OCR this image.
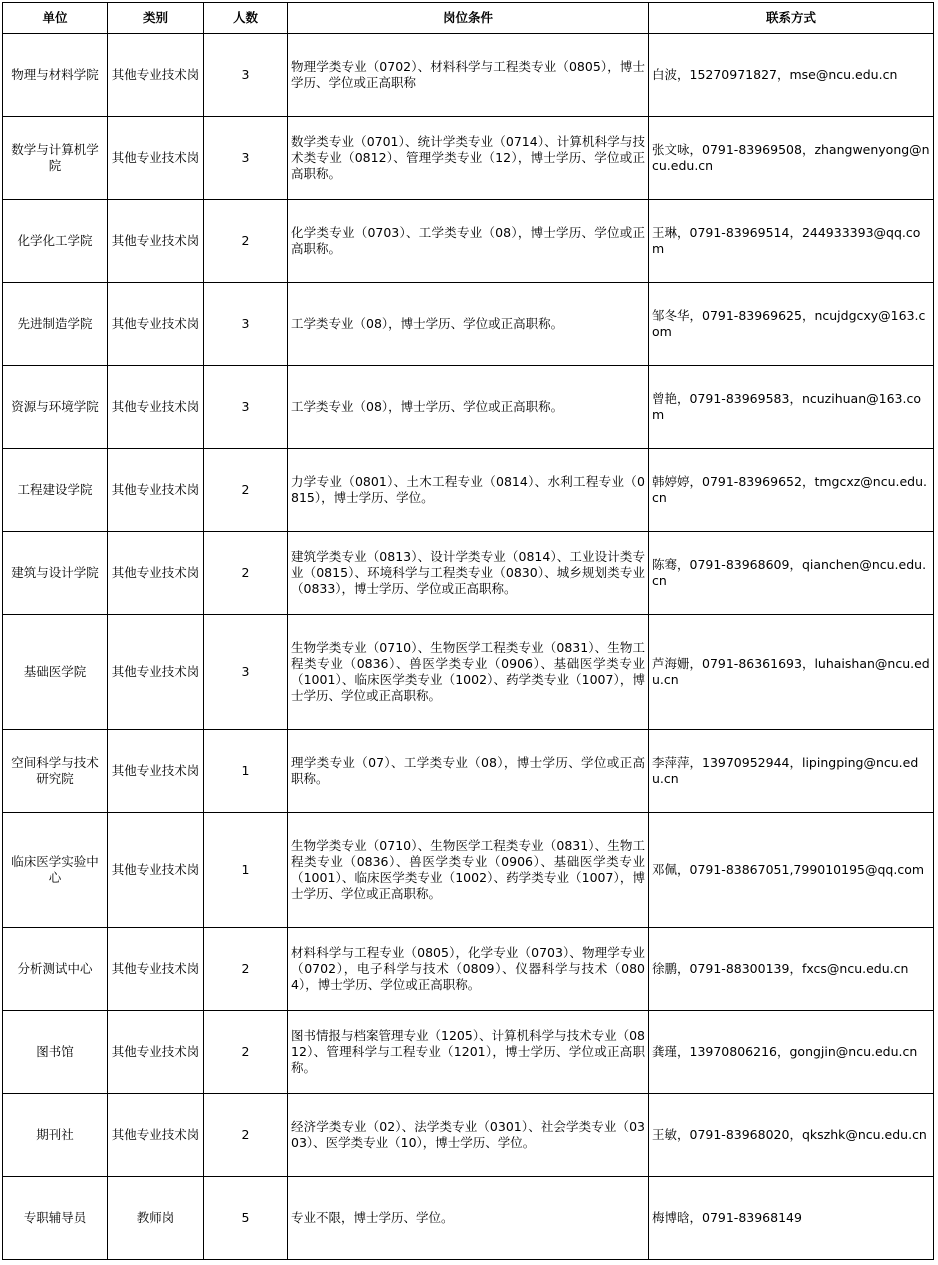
单位	类别	人数	岗位条件	联系方式
物理与材料学院	其他专业技术岗	3	物理学类专业（0702）、材料科学与工程类专业（0805），博士学历、学位或正高职称	白波，15270971827，mse@ncu.edu.cn
数学与计算机学院	其他专业技术岗	3	数学类专业（0701）、统计学类专业（0714）、计算机科学与技术类专业（0812）、管理学类专业（12），博士学历、学位或正高职称。	张文咏，0791-83969508，zhangwenyong@ncu.edu.cn
化学化工学院	其他专业技术岗	2	化学类专业（0703）、工学类专业（08），博士学历、学位或正高职称。	王琳，0791-83969514，244933393@qq.com
先进制造学院	其他专业技术岗	3	工学类专业（08），博士学历、学位或正高职称。	邹冬华，0791-83969625，ncujdgcxy@163.com
资源与环境学院	其他专业技术岗	3	工学类专业（08），博士学历、学位或正高职称。	曾艳，0791-83969583，ncuzihuan@163.com
工程建设学院	其他专业技术岗	2	力学专业（0801）、土木工程专业（0814）、水利工程专业（0815），博士学历、学位。	韩婷婷，0791-83969652，tmgcxz@ncu.edu.cn
建筑与设计学院	其他专业技术岗	2	建筑学类专业（0813）、设计学类专业（0814）、工业设计类专业（0815）、环境科学与工程类专业（0830）、城乡规划类专业（0833），博士学历、学位或正高职称。	陈骞，0791-83968609，qianchen@ncu.edu.cn
基础医学院	其他专业技术岗	3	生物学类专业（0710）、生物医学工程类专业（0831）、生物工程类专业（0836）、兽医学类专业（0906）、基础医学类专业（1001）、临床医学类专业（1002）、药学类专业（1007），博士学历、学位或正高职称。	芦海姗，0791-86361693，luhaishan@ncu.edu.cn
空间科学与技术研究院	其他专业技术岗	1	理学类专业（07）、工学类专业（08），博士学历、学位或正高职称。	李萍萍，13970952944，lipingping@ncu.edu.cn
临床医学实验中心	其他专业技术岗	1	生物学类专业（0710）、生物医学工程类专业（0831）、生物工程类专业（0836）、兽医学类专业（0906）、基础医学类专业（1001）、临床医学类专业（1002）、药学类专业（1007），博士学历、学位或正高职称。	邓佩，0791-83867051,799010195@qq.com
分析测试中心	其他专业技术岗	2	材料科学与工程专业（0805），化学专业（0703）、物理学专业（0702），电子科学与技术（0809）、仪器科学与技术（0804），博士学历、学位或正高职称。	徐鹏，0791-88300139，fxcs@ncu.edu.cn
图书馆	其他专业技术岗	2	图书情报与档案管理专业（1205）、计算机科学与技术专业（0812）、管理科学与工程专业（1201），博士学历、学位或正高职称。	龚瑾，13970806216，gongjin@ncu.edu.cn
期刊社	其他专业技术岗	2	经济学类专业（02）、法学类专业（0301）、社会学类专业（0303）、医学类专业（10），博士学历、学位。	王敏，0791-83968020，qkszhk@ncu.edu.cn
专职辅导员	教师岗	5	专业不限，博士学历、学位。	梅博晗，0791-83968149
